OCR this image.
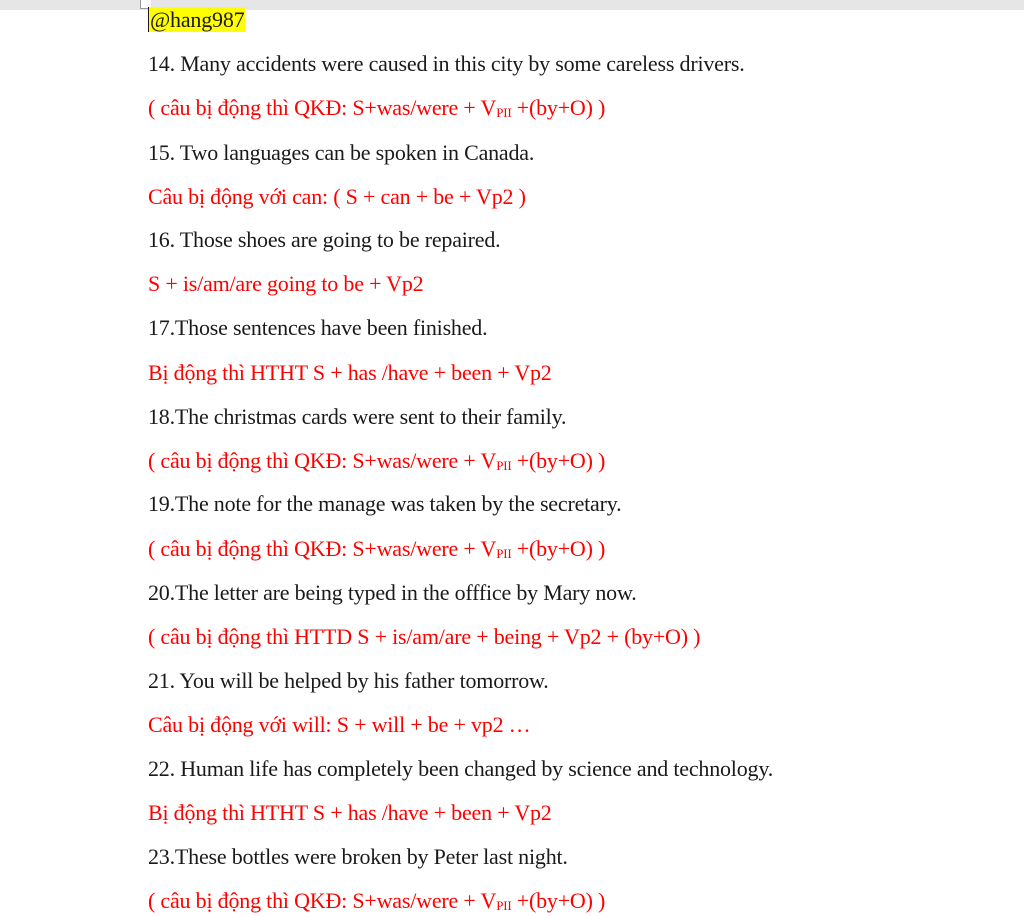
@hang987
14. Many accidents were caused in this city by some careless drivers.
( câu bị động thì QKĐ: S+was/were + VPII +(by+O) )
15. Two languages can be spoken in Canada.
Câu bị động với can: ( S + can + be + Vp2 )
16. Those shoes are going to be repaired.
S + is/am/are going to be + Vp2
17.Those sentences have been finished.
Bị động thì HTHT S + has /have + been + Vp2
18.The christmas cards were sent to their family.
( câu bị động thì QKĐ: S+was/were + VPII +(by+O) )
19.The note for the manage was taken by the secretary.
( câu bị động thì QKĐ: S+was/were + VPII +(by+O) )
20.The letter are being typed in the offfice by Mary now.
( câu bị động thì HTTD S + is/am/are + being + Vp2 + (by+O) )
21. You will be helped by his father tomorrow.
Câu bị động với will: S + will + be + vp2 …
22. Human life has completely been changed by science and technology.
Bị động thì HTHT S + has /have + been + Vp2
23.These bottles were broken by Peter last night.
( câu bị động thì QKĐ: S+was/were + VPII +(by+O) )
